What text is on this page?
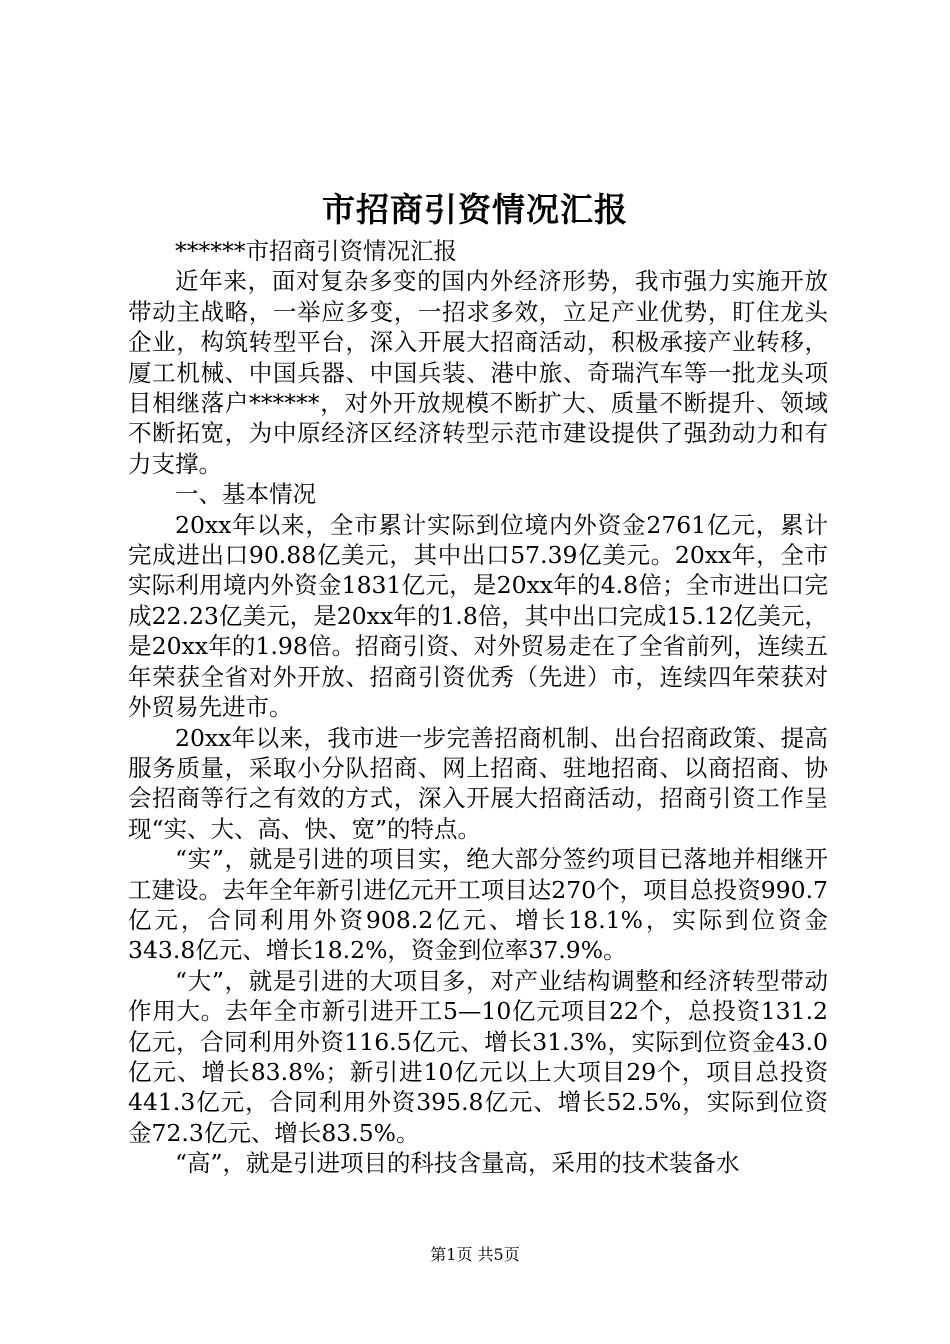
市招商引资情况汇报

******市招商引资情况汇报

近年来，面对复杂多变的国内外经济形势，我市强力实施开放带动主战略，一举应多变，一招求多效，立足产业优势，盯住龙头企业，构筑转型平台，深入开展大招商活动，积极承接产业转移，厦工机械、中国兵器、中国兵装、港中旅、奇瑞汽车等一批龙头项目相继落户******，对外开放规模不断扩大、质量不断提升、领域不断拓宽，为中原经济区经济转型示范市建设提供了强劲动力和有力支撑。

一、基本情况

20xx年以来，全市累计实际到位境内外资金2761亿元，累计完成进出口90.88亿美元，其中出口57.39亿美元。20xx年，全市实际利用境内外资金1831亿元，是20xx年的4.8倍；全市进出口完成22.23亿美元，是20xx年的1.8倍，其中出口完成15.12亿美元，是20xx年的1.98倍。招商引资、对外贸易走在了全省前列，连续五年荣获全省对外开放、招商引资优秀（先进）市，连续四年荣获对外贸易先进市。

20xx年以来，我市进一步完善招商机制、出台招商政策、提高服务质量，采取小分队招商、网上招商、驻地招商、以商招商、协会招商等行之有效的方式，深入开展大招商活动，招商引资工作呈现“实、大、高、快、宽”的特点。

“实”，就是引进的项目实，绝大部分签约项目已落地并相继开工建设。去年全年新引进亿元开工项目达270个，项目总投资990.7亿元，合同利用外资908.2亿元、增长18.1%，实际到位资金343.8亿元、增长18.2%，资金到位率37.9%。

“大”，就是引进的大项目多，对产业结构调整和经济转型带动作用大。去年全市新引进开工5—10亿元项目22个，总投资131.2亿元，合同利用外资116.5亿元、增长31.3%，实际到位资金43.0亿元、增长83.8%；新引进10亿元以上大项目29个，项目总投资441.3亿元，合同利用外资395.8亿元、增长52.5%，实际到位资金72.3亿元、增长83.5%。

“高”，就是引进项目的科技含量高，采用的技术装备水

第1页 共5页
